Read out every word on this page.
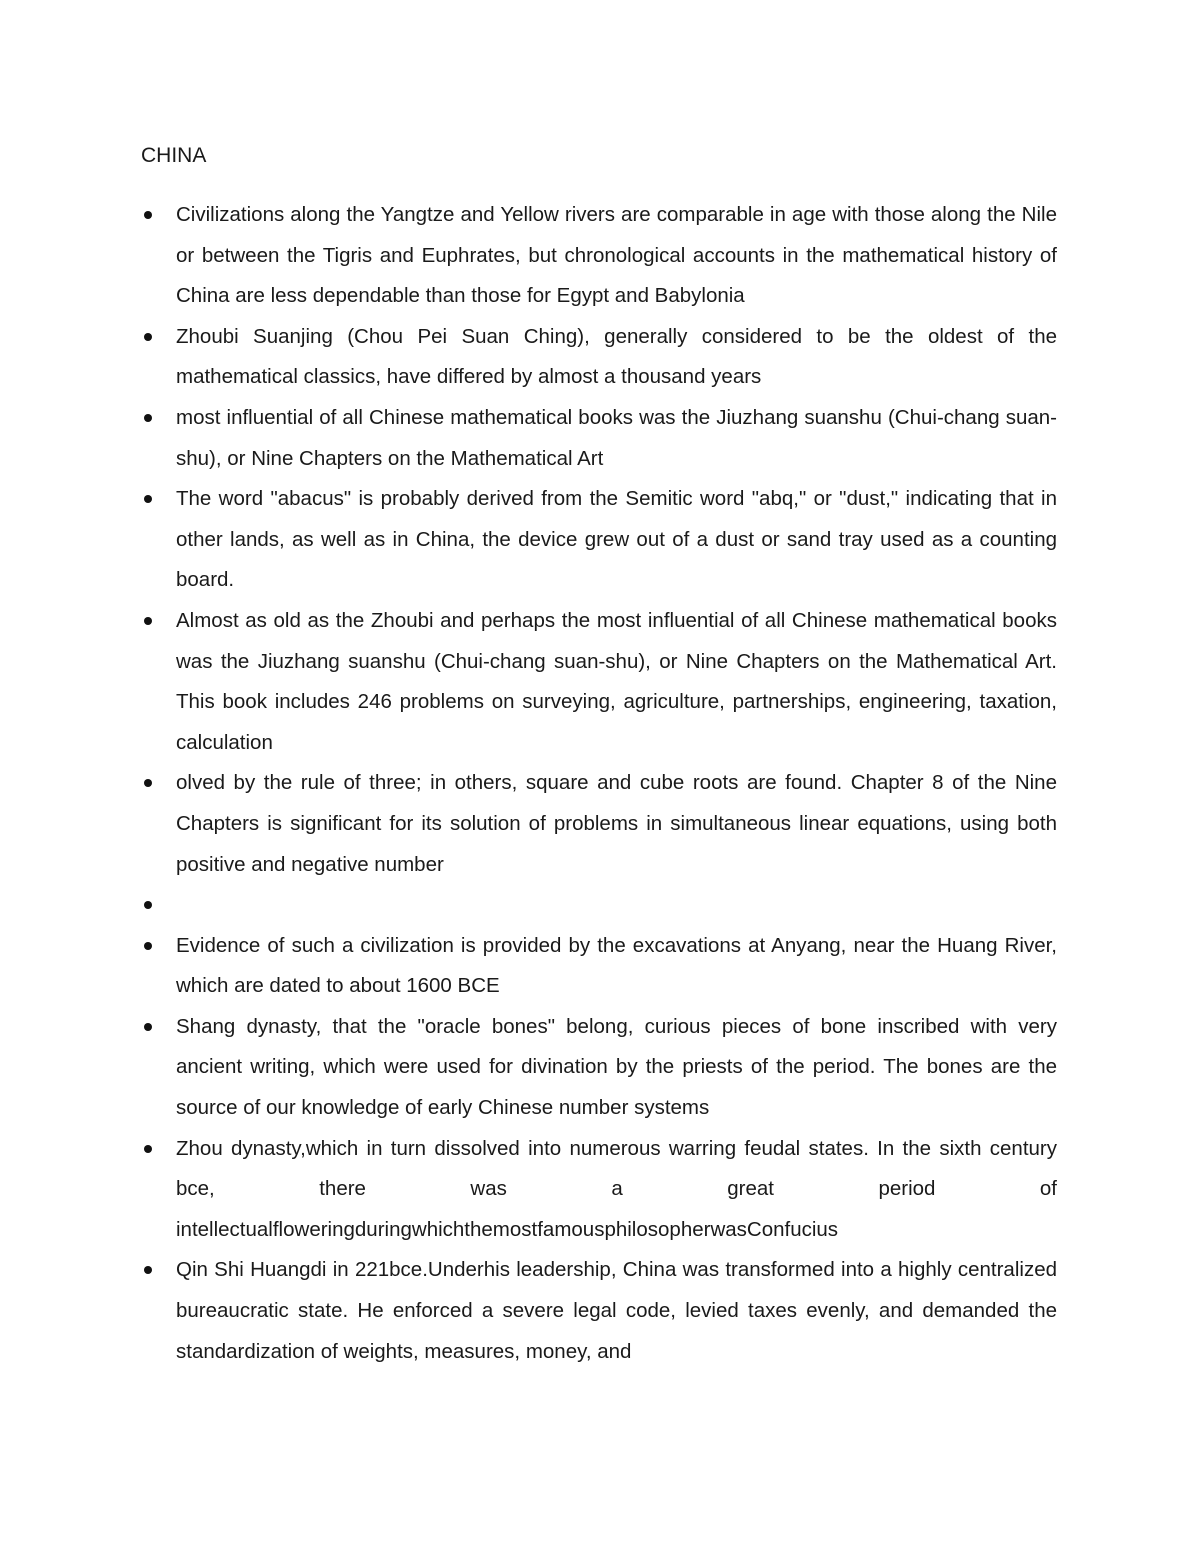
CHINA
Civilizations along the Yangtze and Yellow rivers are comparable in age with those along the Nile or between the Tigris and Euphrates, but chronological accounts in the mathematical history of China are less dependable than those for Egypt and Babylonia
Zhoubi Suanjing (Chou Pei Suan Ching), generally considered to be the oldest of the mathematical classics, have differed by almost a thousand years
most influential of all Chinese mathematical books was the Jiuzhang suanshu (Chui-chang suan-shu), or Nine Chapters on the Mathematical Art
The word "abacus" is probably derived from the Semitic word "abq," or "dust," indicating that in other lands, as well as in China, the device grew out of a dust or sand tray used as a counting board.
Almost as old as the Zhoubi and perhaps the most influential of all Chinese mathematical books was the Jiuzhang suanshu (Chui-chang suan-shu), or Nine Chapters on the Mathematical Art. This book includes 246 problems on surveying, agriculture, partnerships, engineering, taxation, calculation
olved by the rule of three; in others, square and cube roots are found. Chapter 8 of the Nine Chapters is significant for its solution of problems in simultaneous linear equations, using both positive and negative number
Evidence of such a civilization is provided by the excavations at Anyang, near the Huang River, which are dated to about 1600 BCE
Shang dynasty, that the "oracle bones" belong, curious pieces of bone inscribed with very ancient writing, which were used for divination by the priests of the period. The bones are the source of our knowledge of early Chinese number systems
Zhou dynasty,which in turn dissolved into numerous warring feudal states. In the sixth century bce, there was a great period of intellectualfloweringduringwhichthemostfamousphilosopherwasConfucius
Qin Shi Huangdi in 221bce.Underhis leadership, China was transformed into a highly centralized bureaucratic state. He enforced a severe legal code, levied taxes evenly, and demanded the standardization of weights, measures, money, and
